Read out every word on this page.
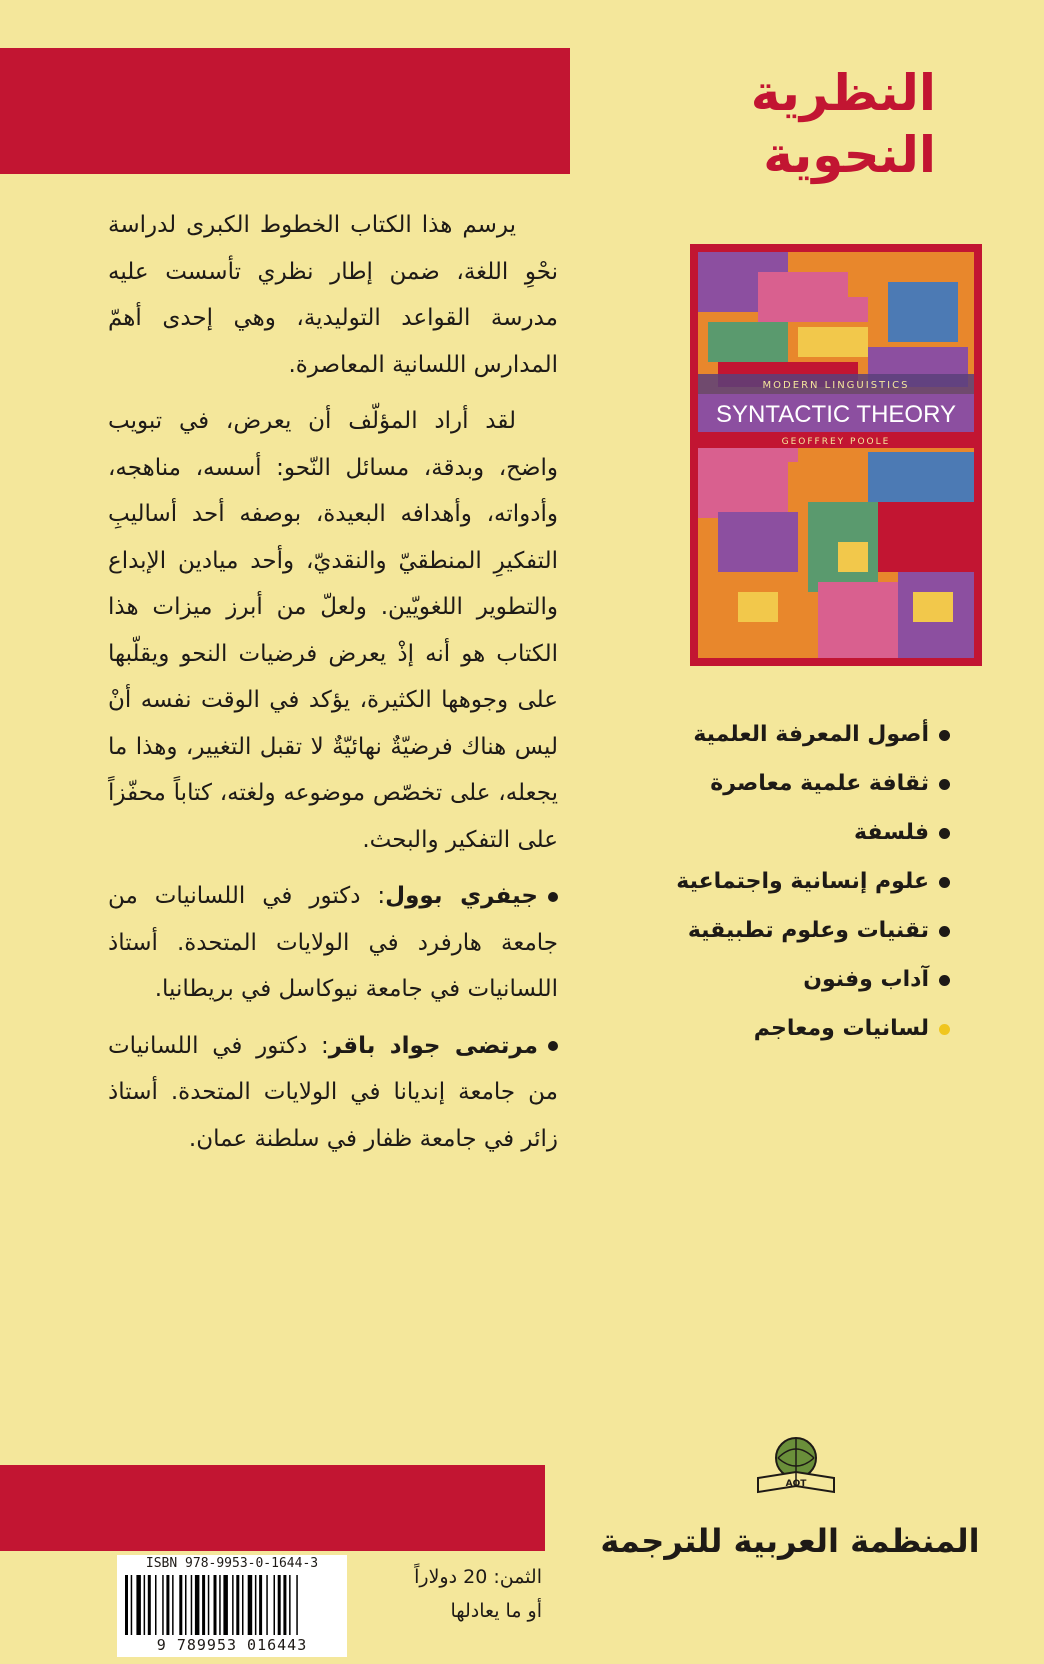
النظرية
النحوية
MODERN LINGUISTICS
SYNTACTIC THEORY
GEOFFREY POOLE
أصول المعرفة العلمية
ثقافة علمية معاصرة
فلسفة
علوم إنسانية واجتماعية
تقنيات وعلوم تطبيقية
آداب وفنون
لسانيات ومعاجم

يرسم هذا الكتاب الخطوط الكبرى لدراسة نحْوِ اللغة، ضمن إطار نظري تأسست عليه مدرسة القواعد التوليدية، وهي إحدى أهمّ المدارس اللسانية المعاصرة.

لقد أراد المؤلّف أن يعرض، في تبويب واضح، وبدقة، مسائل النّحو: أسسه، مناهجه، وأدواته، وأهدافه البعيدة، بوصفه أحد أساليبِ التفكيرِ المنطقيّ والنقديّ، وأحد ميادين الإبداع والتطوير اللغويّين. ولعلّ من أبرز ميزات هذا الكتاب هو أنه إذْ يعرض فرضيات النحو ويقلّبها على وجوهها الكثيرة، يؤكد في الوقت نفسه أنْ ليس هناك فرضيّةٌ نهائيّةٌ لا تقبل التغيير، وهذا ما يجعله، على تخصّص موضوعه ولغته، كتاباً محفّزاً على التفكير والبحث.

جيفري بوول: دكتور في اللسانيات من جامعة هارفرد في الولايات المتحدة. أستاذ اللسانيات في جامعة نيوكاسل في بريطانيا.

مرتضى جواد باقر: دكتور في اللسانيات من جامعة إنديانا في الولايات المتحدة. أستاذ زائر في جامعة ظفار في سلطنة عمان.

AOT
المنظمة العربية للترجمة
ISBN 978-9953-0-1644-3
9 789953 016443
الثمن: 20 دولاراً
أو ما يعادلها
